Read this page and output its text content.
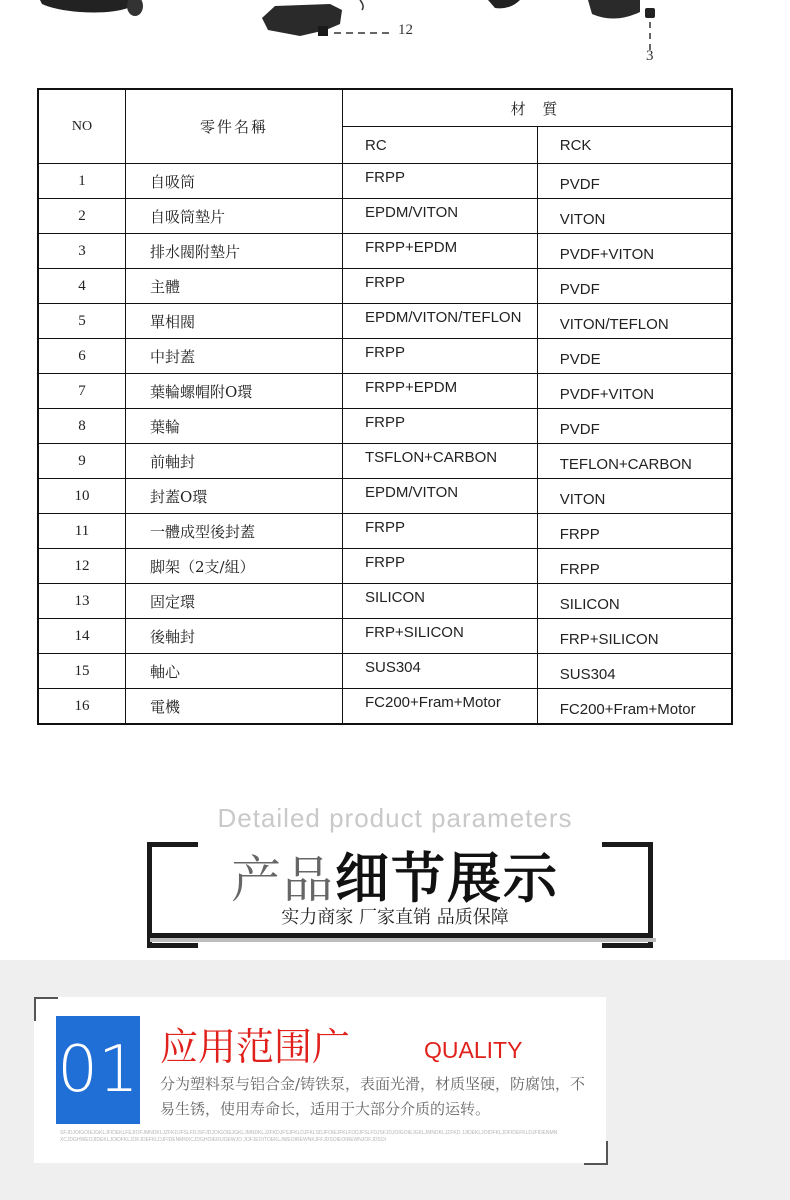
12
3
NO	零件名稱	材 質	
		RC	RCK
1	自吸筒	FRPP	PVDF
2	自吸筒墊片	EPDM/VITON	VITON
3	排水閥附墊片	FRPP+EPDM	PVDF+VITON
4	主體	FRPP	PVDF
5	單相閥	EPDM/VITON/TEFLON	VITON/TEFLON
6	中封蓋	FRPP	PVDE
7	葉輪螺帽附O環	FRPP+EPDM	PVDF+VITON
8	葉輪	FRPP	PVDF
9	前軸封	TSFLON+CARBON	TEFLON+CARBON
10	封蓋O環	EPDM/VITON	VITON
11	一體成型後封蓋	FRPP	FRPP
12	脚架（2支/組）	FRPP	FRPP
13	固定環	SILICON	SILICON
14	後軸封	FRP+SILICON	FRP+SILICON
15	軸心	SUS304	SUS304
16	電機	FC200+Fram+Motor	FC200+Fram+Motor
Detailed product parameters
产品细节展示
实力商家 厂家直销 品质保障
01 应用范围广	QUALITY
分为塑料泵与铝合金/铸铁泵，表面光滑，材质坚硬，防腐蚀，不易生锈，使用寿命长，适用于大部分介质的运转。
SFJDJOIGOIEJGKLJFIDEKLFEJIOFJMNDKLJZFKDJFSLFDJSFJDJOIGOIEJGKLJMNDKLJZFKDJFSJFKLDJFKLSDJFOIEJFKLFDDJFSLFDJSFJDJOIGOIEJGKLJMNDKLJZFKD JJIDEKLJOIDFKLJDFIDEFKLDJFIDENMNXCJDGHWEOJIDEKLJOIDFKLJOFJDEFKLDJFIDENMNXCJDGHOIERIJOEWJO JOFJEOITOEKLJWEOIREWNKJFFJDSOIEOIREWNJOFJDSOI
